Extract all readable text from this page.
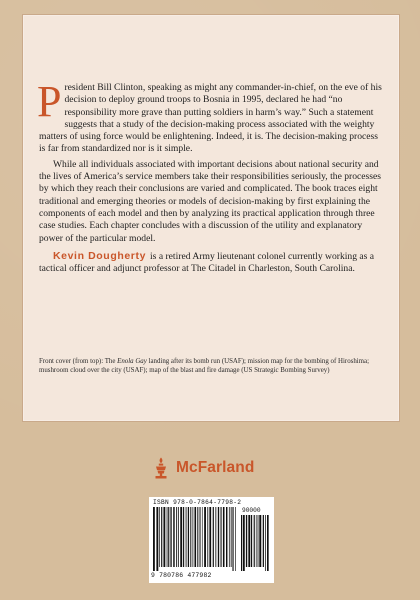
President Bill Clinton, speaking as might any commander-in-chief, on the eve of his decision to deploy ground troops to Bosnia in 1995, declared he had “no responsibility more grave than putting soldiers in harm’s way.” Such a statement suggests that a study of the decision-making process associated with the weighty matters of using force would be enlightening. Indeed, it is. The decision-making process is far from standardized nor is it simple.

While all individuals associated with important decisions about national security and the lives of America’s service members take their responsibilities seriously, the processes by which they reach their conclusions are varied and complicated. The book traces eight traditional and emerging theories or models of decision-making by first explaining the components of each model and then by analyzing its practical application through three case studies. Each chapter concludes with a discussion of the utility and explanatory power of the particular model.

Kevin Dougherty is a retired Army lieutenant colonel currently working as a tactical officer and adjunct professor at The Citadel in Charleston, South Carolina.

Front cover (from top): The Enola Gay landing after its bomb run (USAF); mission map for the bombing of Hiroshima; mushroom cloud over the city (USAF); map of the blast and fire damage (US Strategic Bombing Survey)

McFarland
ISBN 978-0-7864-7798-2
90000
9 780786 477982
